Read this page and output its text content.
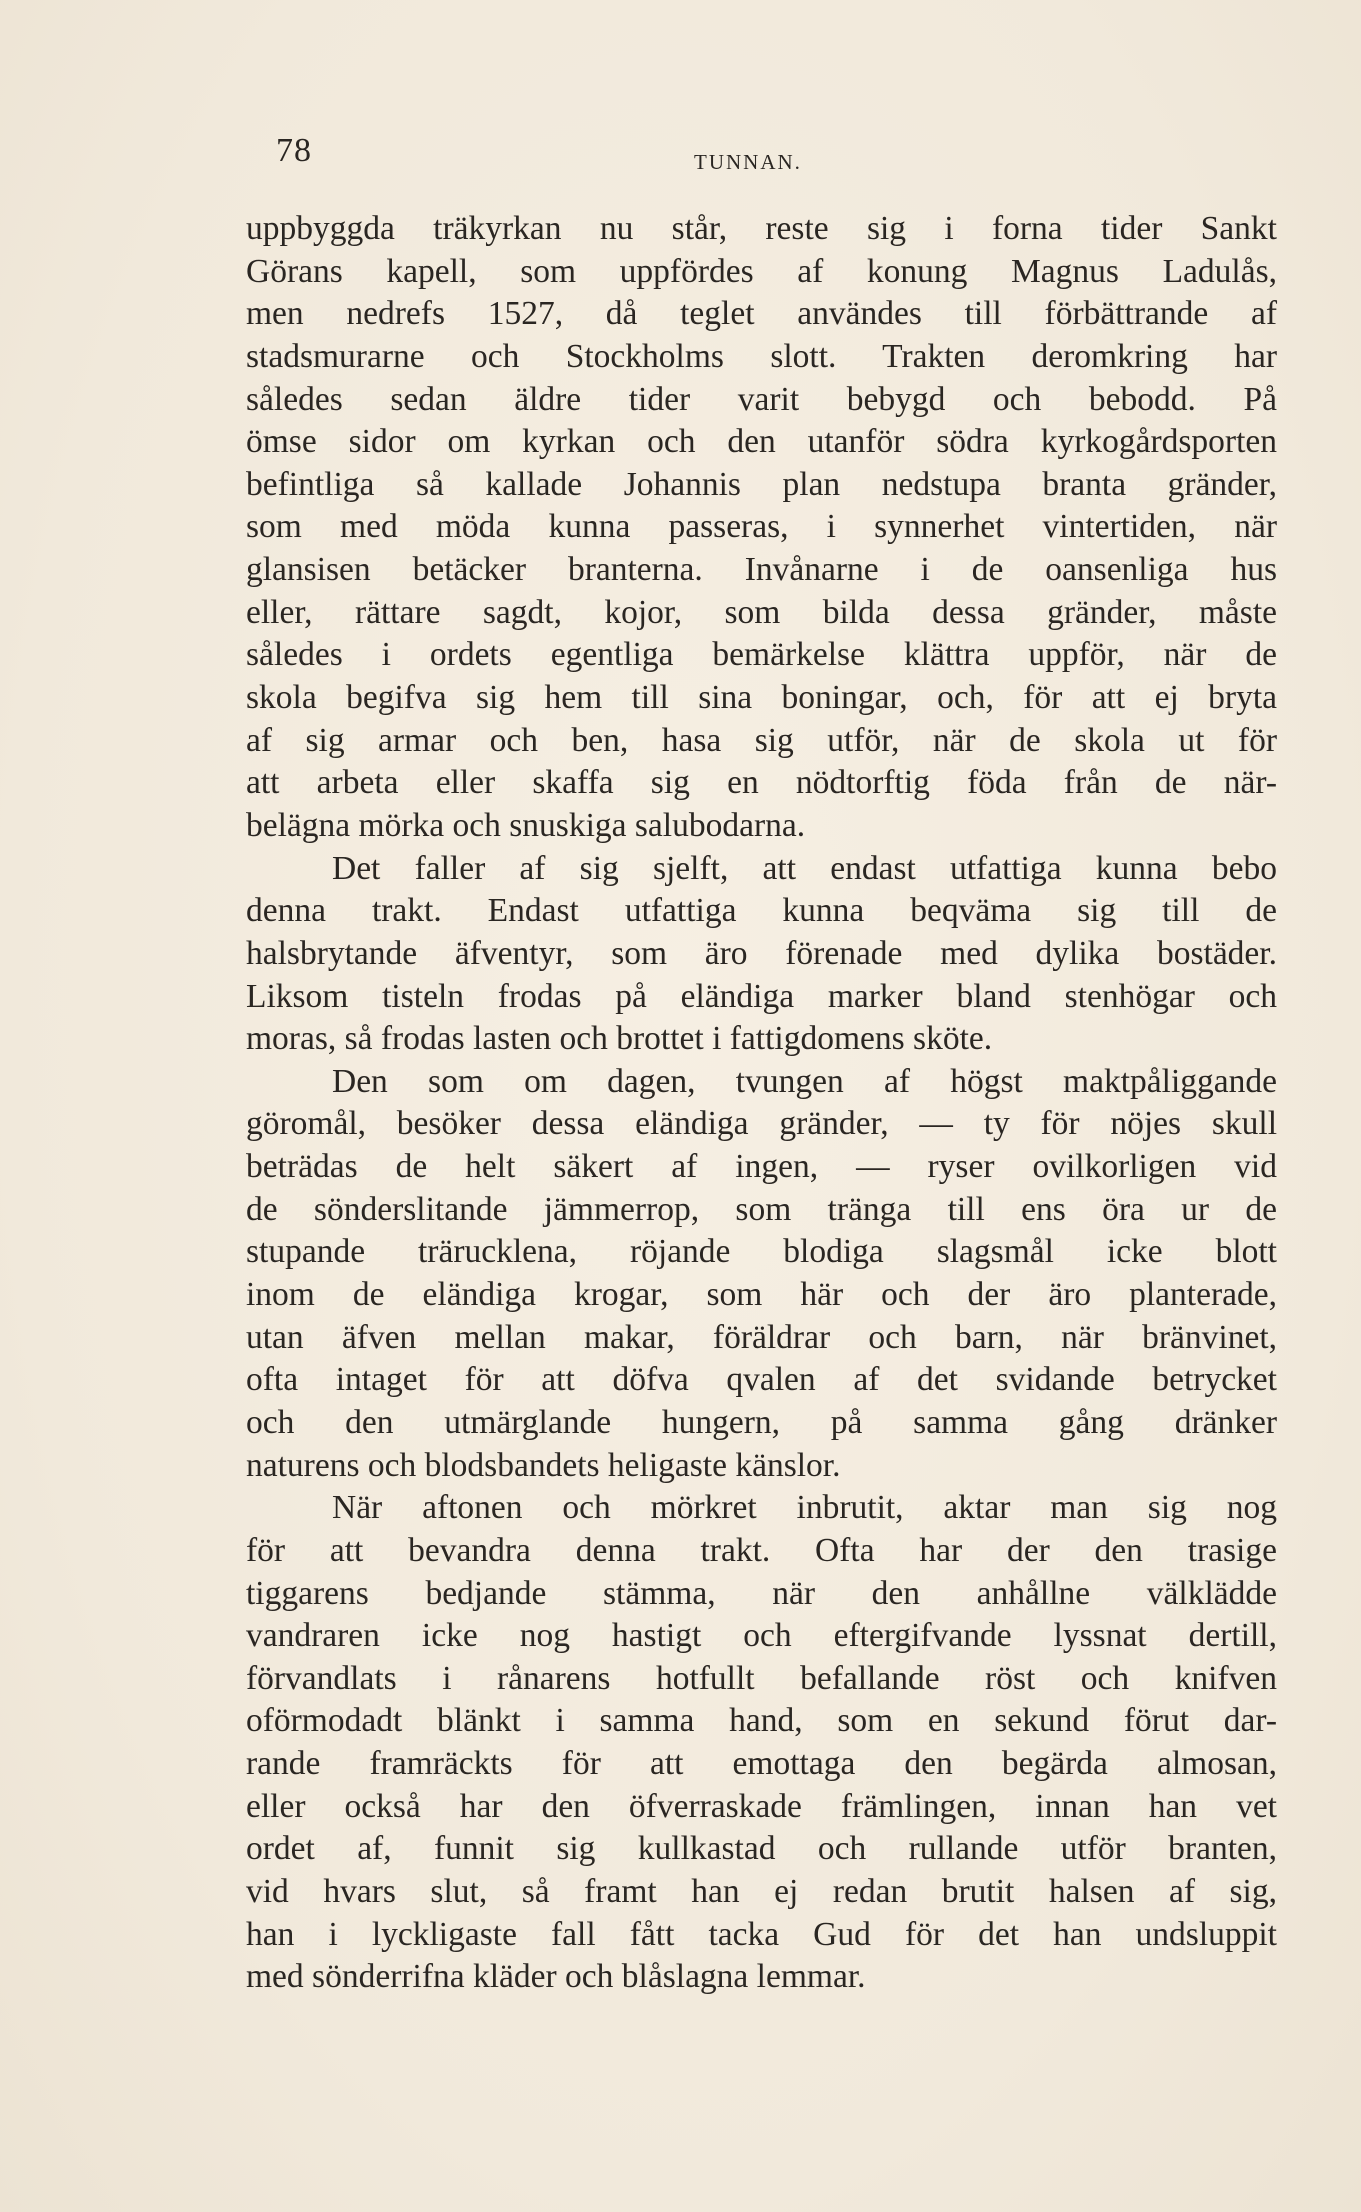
78	TUNNAN.
uppbyggda träkyrkan nu står, reste sig i forna tider Sankt
Görans kapell, som uppfördes af konung Magnus Ladulås,
men nedrefs 1527, då teglet användes till förbättrande af
stadsmurarne och Stockholms slott. Trakten deromkring har
således sedan äldre tider varit bebygd och bebodd. På
ömse sidor om kyrkan och den utanför södra kyrkogårdsporten
befintliga så kallade Johannis plan nedstupa branta gränder,
som med möda kunna passeras, i synnerhet vintertiden, när
glansisen betäcker branterna. Invånarne i de oansenliga hus
eller, rättare sagdt, kojor, som bilda dessa gränder, måste
således i ordets egentliga bemärkelse klättra uppför, när de
skola begifva sig hem till sina boningar, och, för att ej bryta
af sig armar och ben, hasa sig utför, när de skola ut för
att arbeta eller skaffa sig en nödtorftig föda från de när-
belägna mörka och snuskiga salubodarna.
Det faller af sig sjelft, att endast utfattiga kunna bebo
denna trakt. Endast utfattiga kunna beqväma sig till de
halsbrytande äfventyr, som äro förenade med dylika bostäder.
Liksom tisteln frodas på eländiga marker bland stenhögar och
moras, så frodas lasten och brottet i fattigdomens sköte.
Den som om dagen, tvungen af högst maktpåliggande
göromål, besöker dessa eländiga gränder, — ty för nöjes skull
beträdas de helt säkert af ingen, — ryser ovilkorligen vid
de sönderslitande jämmerrop, som tränga till ens öra ur de
stupande trärucklena, röjande blodiga slagsmål icke blott
inom de eländiga krogar, som här och der äro planterade,
utan äfven mellan makar, föräldrar och barn, när bränvinet,
ofta intaget för att döfva qvalen af det svidande betrycket
och den utmärglande hungern, på samma gång dränker
naturens och blodsbandets heligaste känslor.
När aftonen och mörkret inbrutit, aktar man sig nog
för att bevandra denna trakt. Ofta har der den trasige
tiggarens bedjande stämma, när den anhållne välklädde
vandraren icke nog hastigt och eftergifvande lyssnat dertill,
förvandlats i rånarens hotfullt befallande röst och knifven
oförmodadt blänkt i samma hand, som en sekund förut dar-
rande framräckts för att emottaga den begärda almosan,
eller också har den öfverraskade främlingen, innan han vet
ordet af, funnit sig kullkastad och rullande utför branten,
vid hvars slut, så framt han ej redan brutit halsen af sig,
han i lyckligaste fall fått tacka Gud för det han undsluppit
med sönderrifna kläder och blåslagna lemmar.
